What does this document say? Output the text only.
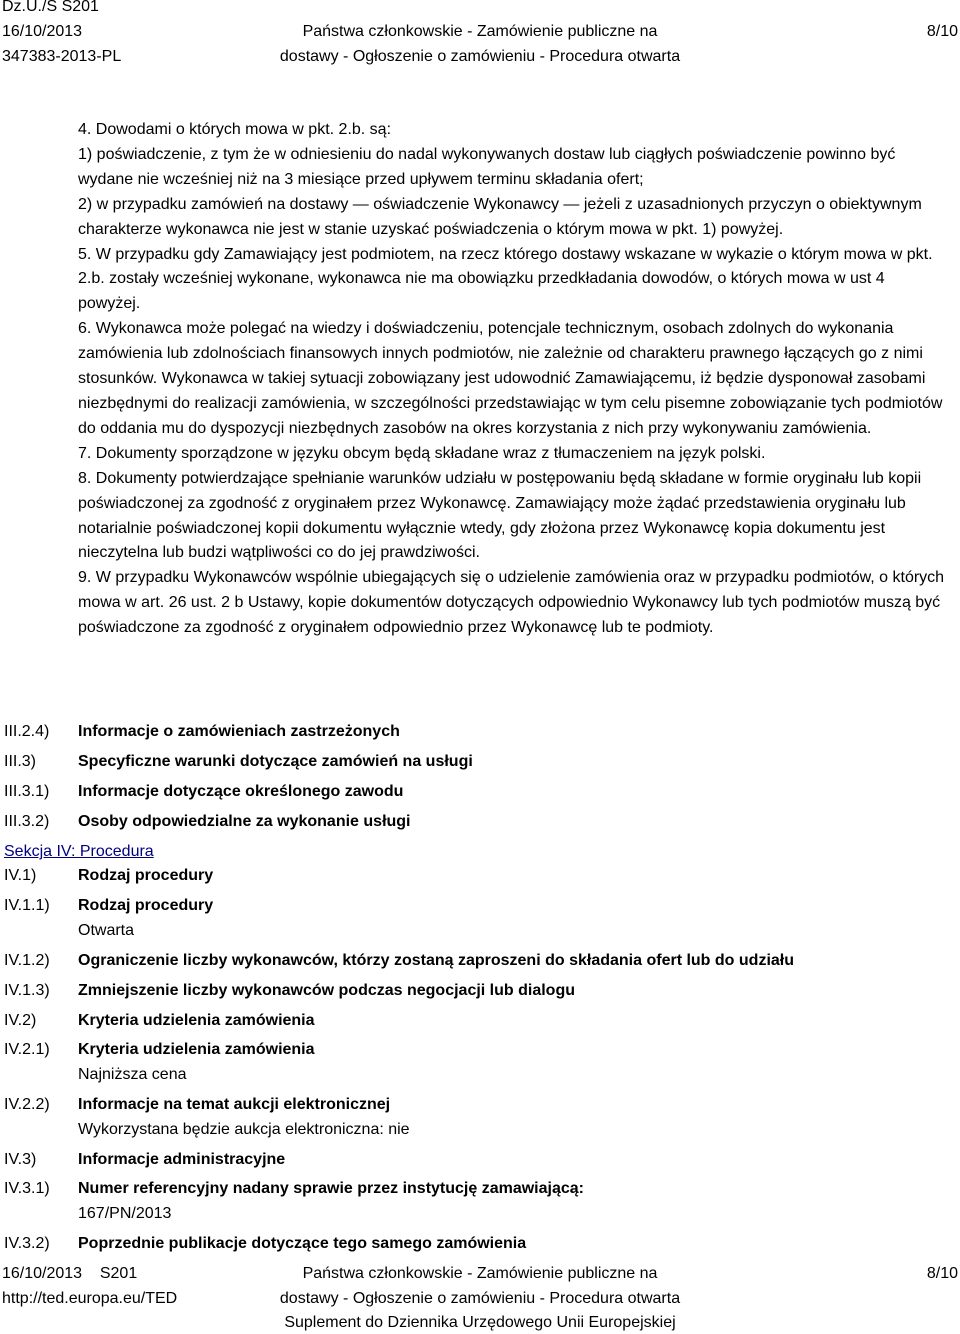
Dz.U./S S201
16/10/2013
347383-2013-PL
Państwa członkowskie - Zamówienie publiczne na
dostawy - Ogłoszenie o zamówieniu - Procedura otwarta
8/10

4. Dowodami o których mowa w pkt. 2.b. są:

1) poświadczenie, z tym że w odniesieniu do nadal wykonywanych dostaw lub ciągłych poświadczenie powinno być wydane nie wcześniej niż na 3 miesiące przed upływem terminu składania ofert;

2) w przypadku zamówień na dostawy — oświadczenie Wykonawcy — jeżeli z uzasadnionych przyczyn o obiektywnym charakterze wykonawca nie jest w stanie uzyskać poświadczenia o którym mowa w pkt. 1) powyżej.

5. W przypadku gdy Zamawiający jest podmiotem, na rzecz którego dostawy wskazane w wykazie o którym mowa w pkt. 2.b. zostały wcześniej wykonane, wykonawca nie ma obowiązku przedkładania dowodów, o których mowa w ust 4 powyżej.

6. Wykonawca może polegać na wiedzy i doświadczeniu, potencjale technicznym, osobach zdolnych do wykonania zamówienia lub zdolnościach finansowych innych podmiotów, nie zależnie od charakteru prawnego łączących go z nimi stosunków. Wykonawca w takiej sytuacji zobowiązany jest udowodnić Zamawiającemu, iż będzie dysponował zasobami niezbędnymi do realizacji zamówienia, w szczególności przedstawiając w tym celu pisemne zobowiązanie tych podmiotów do oddania mu do dyspozycji niezbędnych zasobów na okres korzystania z nich przy wykonywaniu zamówienia.

7. Dokumenty sporządzone w języku obcym będą składane wraz z tłumaczeniem na język polski.

8. Dokumenty potwierdzające spełnianie warunków udziału w postępowaniu będą składane w formie oryginału lub kopii poświadczonej za zgodność z oryginałem przez Wykonawcę. Zamawiający może żądać przedstawienia oryginału lub notarialnie poświadczonej kopii dokumentu wyłącznie wtedy, gdy złożona przez Wykonawcę kopia dokumentu jest nieczytelna lub budzi wątpliwości co do jej prawdziwości.

9. W przypadku Wykonawców wspólnie ubiegających się o udzielenie zamówienia oraz w przypadku podmiotów, o których mowa w art. 26 ust. 2 b Ustawy, kopie dokumentów dotyczących odpowiednio Wykonawcy lub tych podmiotów muszą być poświadczone za zgodność z oryginałem odpowiednio przez Wykonawcę lub te podmioty.

III.2.4) Informacje o zamówieniach zastrzeżonych
III.3)	Specyficzne warunki dotyczące zamówień na usługi
III.3.1) Informacje dotyczące określonego zawodu
III.3.2) Osoby odpowiedzialne za wykonanie usługi
Sekcja IV: Procedura
IV.1)	Rodzaj procedury
IV.1.1) Rodzaj procedury
Otwarta
IV.1.2) Ograniczenie liczby wykonawców, którzy zostaną zaproszeni do składania ofert lub do udziału
IV.1.3) Zmniejszenie liczby wykonawców podczas negocjacji lub dialogu
IV.2)	Kryteria udzielenia zamówienia
IV.2.1) Kryteria udzielenia zamówienia
Najniższa cena
IV.2.2) Informacje na temat aukcji elektronicznej
Wykorzystana będzie aukcja elektroniczna: nie
IV.3)	Informacje administracyjne
IV.3.1) Numer referencyjny nadany sprawie przez instytucję zamawiającą:
167/PN/2013
IV.3.2) Poprzednie publikacje dotyczące tego samego zamówienia
16/10/2013    S201
http://ted.europa.eu/TED
Państwa członkowskie - Zamówienie publiczne na
dostawy - Ogłoszenie o zamówieniu - Procedura otwarta
Suplement do Dziennika Urzędowego Unii Europejskiej
8/10
